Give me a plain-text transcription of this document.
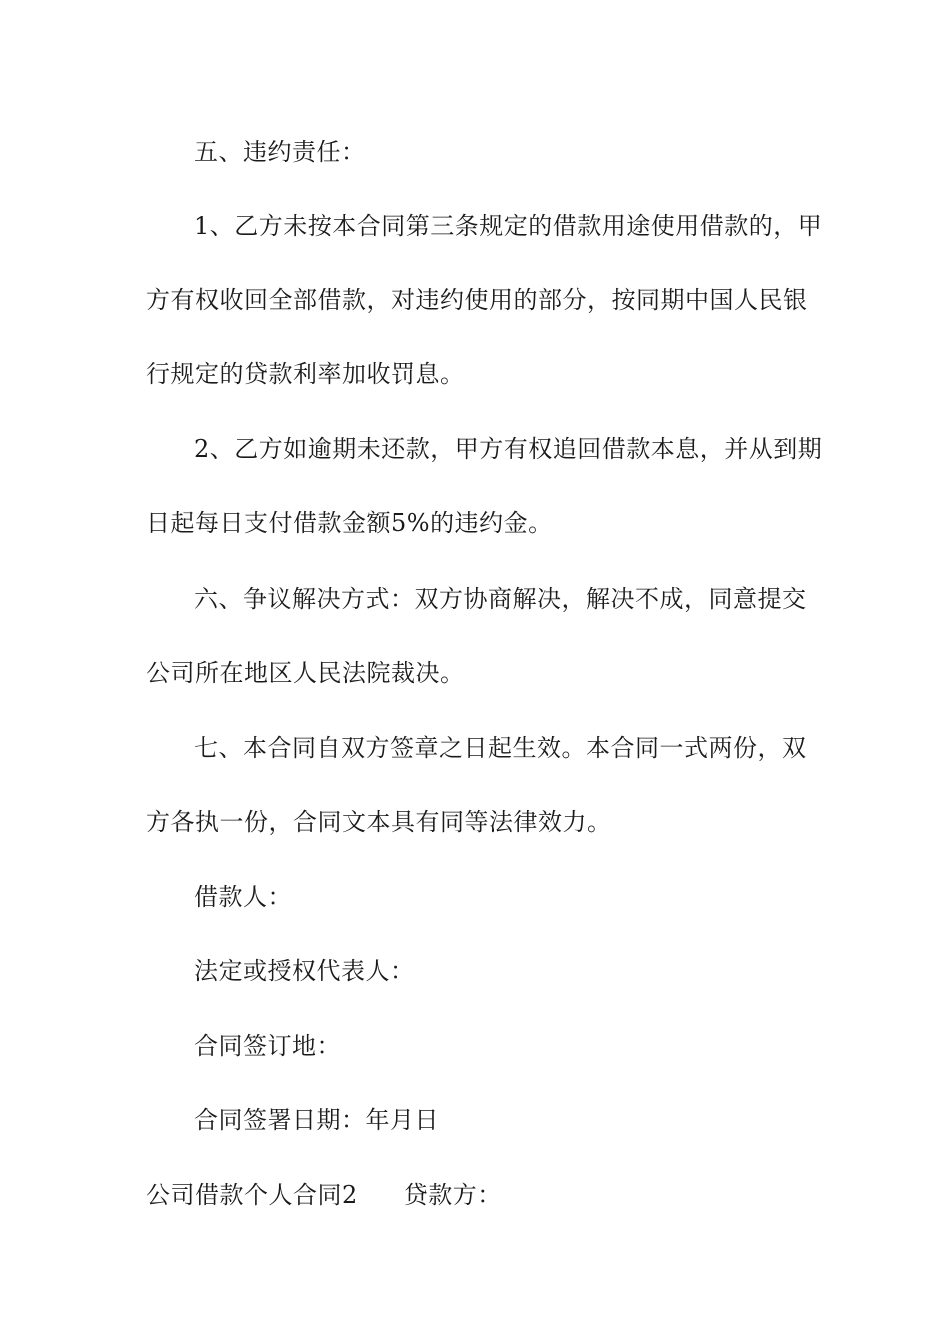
五、违约责任：

1、乙方未按本合同第三条规定的借款用途使用借款的，甲

方有权收回全部借款，对违约使用的部分，按同期中国人民银

行规定的贷款利率加收罚息。

2、乙方如逾期未还款，甲方有权追回借款本息，并从到期

日起每日支付借款金额5%的违约金。

六、争议解决方式：双方协商解决，解决不成，同意提交

公司所在地区人民法院裁决。

七、本合同自双方签章之日起生效。本合同一式两份，双

方各执一份，合同文本具有同等法律效力。

借款人：

法定或授权代表人：

合同签订地：

合同签署日期：年月日

公司借款个人合同2 贷款方：
